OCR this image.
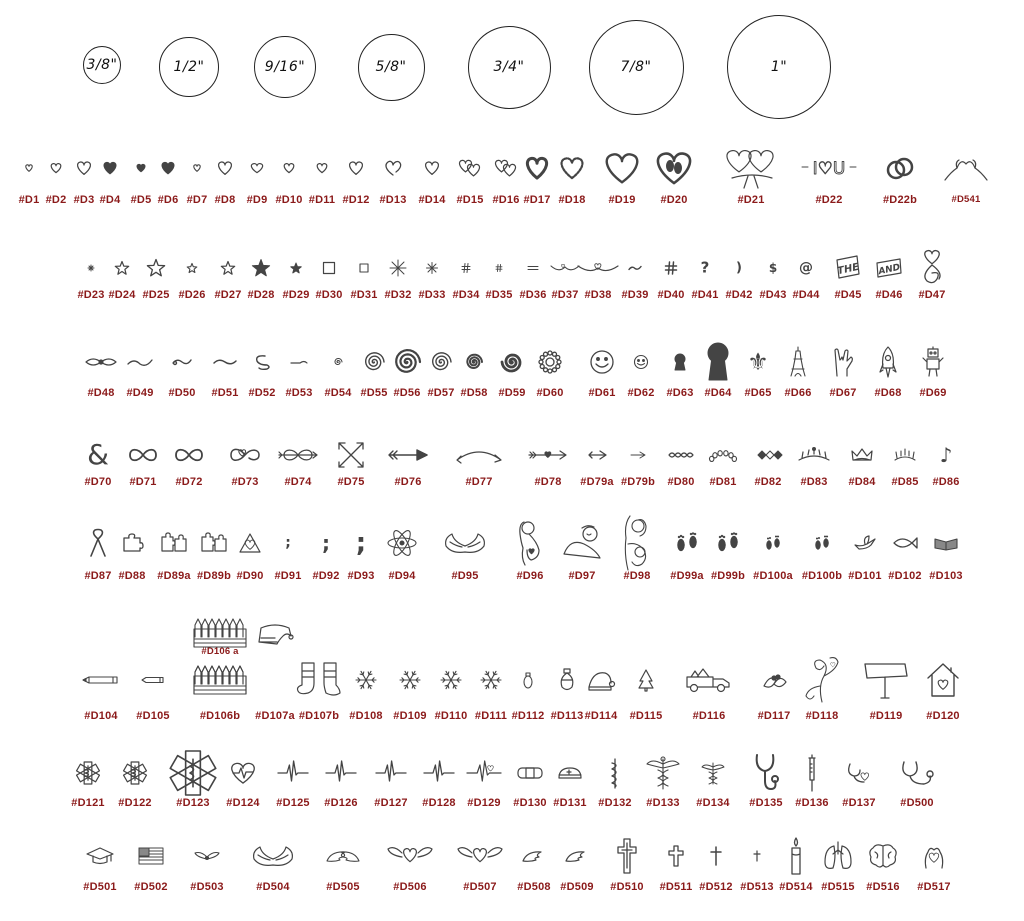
3/8"	1/2"	9/16"	5/8"	3/4"	7/8"	1"
#D1 #D2 #D3 #D4 #D5 #D6 #D7 #D8 #D9 #D10 #D11 #D12 #D13 #D14 #D15 #D16 #D17 #D18 #D19 #D20	#D21
I♡U
#D22	#D22b	#D541
#D23 #D24 #D25 #D26 #D27 #D28 #D29 #D30 #D31 #D32 #D33 #D34 #D35 #D36 #D37 #D38 #D39 #D40
?
#D41
)
#D42
$
#D43
@
#D44
THE
#D45
AND
#D46 #D47
#D48 #D49 #D50 #D51 #D52 #D53 #D54 #D55 #D56 #D57 #D58 #D59 #D60 #D61 #D62 #D63 #D64
⚜
#D65 #D66 #D67 #D68 #D69
&
#D70 #D71 #D72	#D73 #D74 #D75	#D76	#D77	#D78 #D79a #D79b #D80 #D81 #D82 #D83 #D84 #D85
♪
#D86
#D87 #D88 #D89a #D89b #D90
;
#D91
;
#D92
;
#D93 #D94	#D95	#D96 #D97	#D98 #D99a #D99b #D100a #D100b #D101 #D102 #D103
#D106 a
#D104 #D105	#D106b #D107a #D107b #D108 #D109 #D110 #D111 #D112 #D113 #D114 #D115	#D116	#D117 #D118	#D119 #D120
#D121 #D122 #D123 #D124 #D125 #D126 #D127 #D128 #D129 #D130 #D131 #D132 #D133 #D134 #D135 #D136 #D137 #D500
#D501 #D502 #D503	#D504	#D505	#D506	#D507 #D508 #D509 #D510 #D511 #D512 #D513 #D514 #D515 #D516 #D517
